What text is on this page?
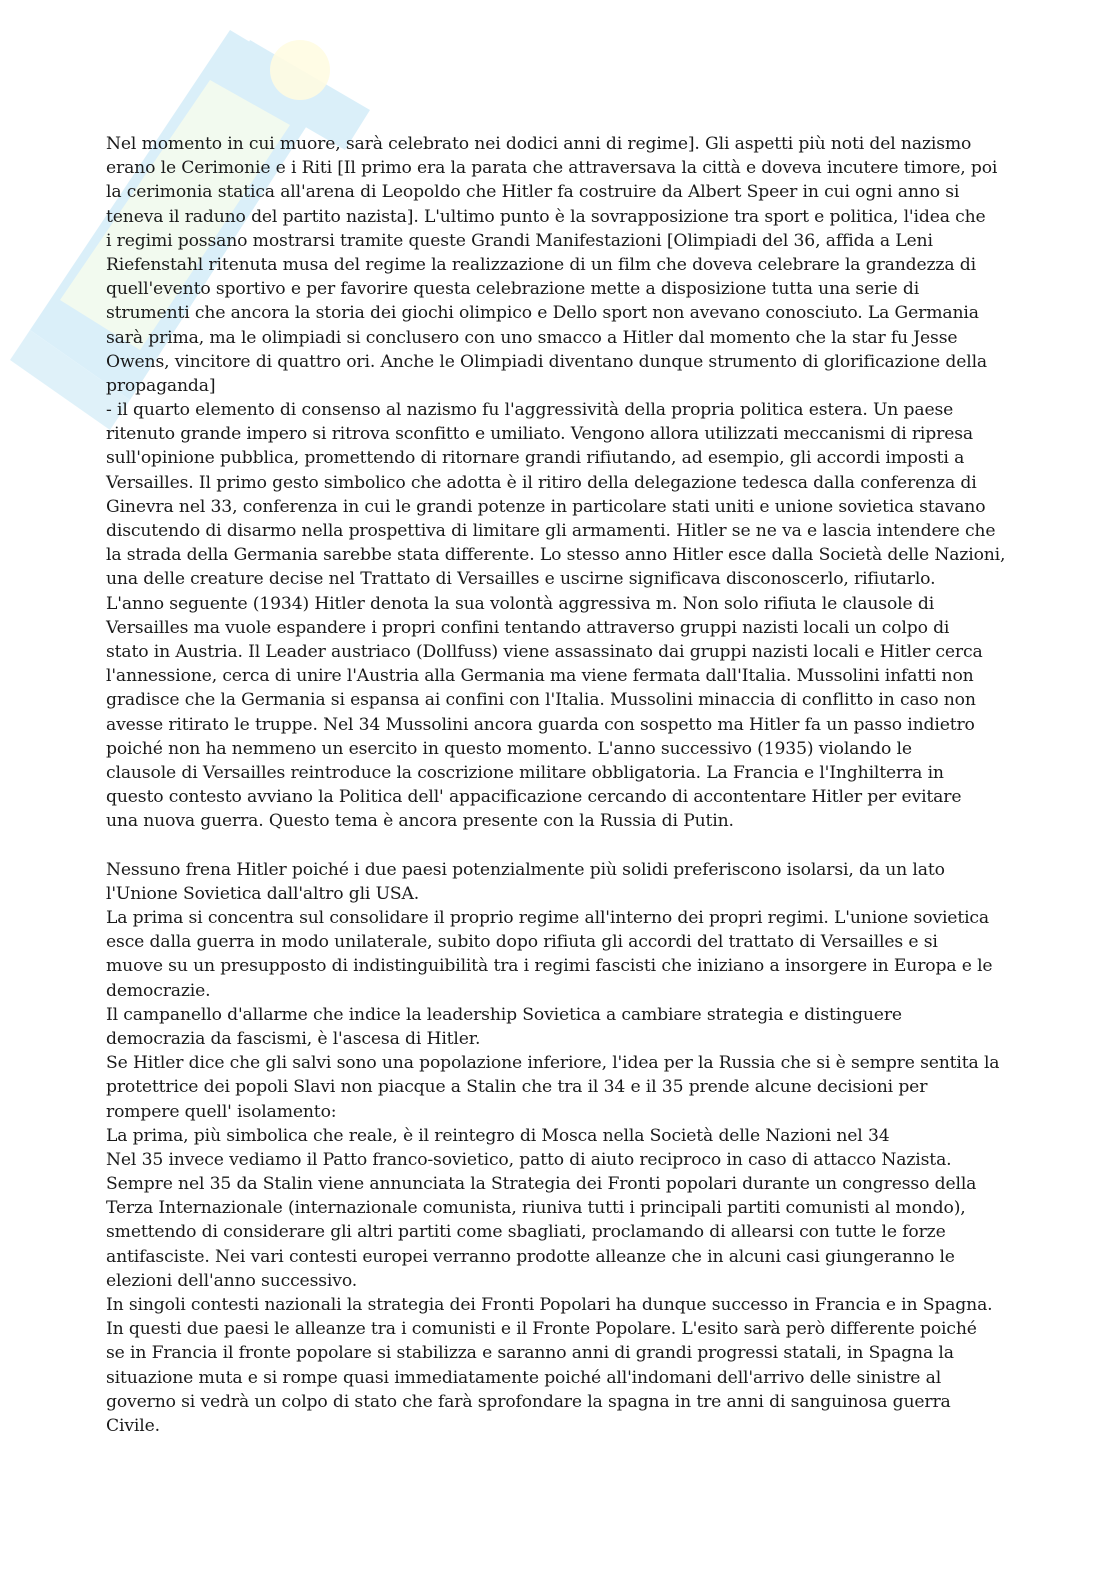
Nel momento in cui muore, sarà celebrato nei dodici anni di regime]. Gli aspetti più noti del nazismo
erano le Cerimonie e i Riti [Il primo era la parata che attraversava la città e doveva incutere timore, poi
la cerimonia statica all'arena di Leopoldo che Hitler fa costruire da Albert Speer in cui ogni anno si
teneva il raduno del partito nazista]. L'ultimo punto è la sovrapposizione tra sport e politica, l'idea che
i regimi possano mostrarsi tramite queste Grandi Manifestazioni [Olimpiadi del 36, affida a Leni
Riefenstahl ritenuta musa del regime la realizzazione di un film che doveva celebrare la grandezza di
quell'evento sportivo e per favorire questa celebrazione mette a disposizione tutta una serie di
strumenti che ancora la storia dei giochi olimpico e Dello sport non avevano conosciuto. La Germania
sarà prima, ma le olimpiadi si conclusero con uno smacco a Hitler dal momento che la star fu Jesse
Owens, vincitore di quattro ori. Anche le Olimpiadi diventano dunque strumento di glorificazione della
propaganda]
- il quarto elemento di consenso al nazismo fu l'aggressività della propria politica estera. Un paese
ritenuto grande impero si ritrova sconfitto e umiliato. Vengono allora utilizzati meccanismi di ripresa
sull'opinione pubblica, promettendo di ritornare grandi rifiutando, ad esempio, gli accordi imposti a
Versailles. Il primo gesto simbolico che adotta è il ritiro della delegazione tedesca dalla conferenza di
Ginevra nel 33, conferenza in cui le grandi potenze in particolare stati uniti e unione sovietica stavano
discutendo di disarmo nella prospettiva di limitare gli armamenti. Hitler se ne va e lascia intendere che
la strada della Germania sarebbe stata differente. Lo stesso anno Hitler esce dalla Società delle Nazioni,
una delle creature decise nel Trattato di Versailles e uscirne significava disconoscerlo, rifiutarlo.
L'anno seguente (1934) Hitler denota la sua volontà aggressiva m. Non solo rifiuta le clausole di
Versailles ma vuole espandere i propri confini tentando attraverso gruppi nazisti locali un colpo di
stato in Austria. Il Leader austriaco (Dollfuss) viene assassinato dai gruppi nazisti locali e Hitler cerca
l'annessione, cerca di unire l'Austria alla Germania ma viene fermata dall'Italia. Mussolini infatti non
gradisce che la Germania si espansa ai confini con l'Italia. Mussolini minaccia di conflitto in caso non
avesse ritirato le truppe. Nel 34 Mussolini ancora guarda con sospetto ma Hitler fa un passo indietro
poiché non ha nemmeno un esercito in questo momento. L'anno successivo (1935) violando le
clausole di Versailles reintroduce la coscrizione militare obbligatoria. La Francia e l'Inghilterra in
questo contesto avviano la Politica dell' appacificazione cercando di accontentare Hitler per evitare
una nuova guerra. Questo tema è ancora presente con la Russia di Putin.
Nessuno frena Hitler poiché i due paesi potenzialmente più solidi preferiscono isolarsi, da un lato
l'Unione Sovietica dall'altro gli USA.
La prima si concentra sul consolidare il proprio regime all'interno dei propri regimi. L'unione sovietica
esce dalla guerra in modo unilaterale, subito dopo rifiuta gli accordi del trattato di Versailles e si
muove su un presupposto di indistinguibilità tra i regimi fascisti che iniziano a insorgere in Europa e le
democrazie.
Il campanello d'allarme che indice la leadership Sovietica a cambiare strategia e distinguere
democrazia da fascismi, è l'ascesa di Hitler.
Se Hitler dice che gli salvi sono una popolazione inferiore, l'idea per la Russia che si è sempre sentita la
protettrice dei popoli Slavi non piacque a Stalin che tra il 34 e il 35 prende alcune decisioni per
rompere quell' isolamento:
La prima, più simbolica che reale, è il reintegro di Mosca nella Società delle Nazioni nel 34
Nel 35 invece vediamo il Patto franco-sovietico, patto di aiuto reciproco in caso di attacco Nazista.
Sempre nel 35 da Stalin viene annunciata la Strategia dei Fronti popolari durante un congresso della
Terza Internazionale (internazionale comunista, riuniva tutti i principali partiti comunisti al mondo),
smettendo di considerare gli altri partiti come sbagliati, proclamando di allearsi con tutte le forze
antifasciste. Nei vari contesti europei verranno prodotte alleanze che in alcuni casi giungeranno le
elezioni dell'anno successivo.
In singoli contesti nazionali la strategia dei Fronti Popolari ha dunque successo in Francia e in Spagna.
In questi due paesi le alleanze tra i comunisti e il Fronte Popolare. L'esito sarà però differente poiché
se in Francia il fronte popolare si stabilizza e saranno anni di grandi progressi statali, in Spagna la
situazione muta e si rompe quasi immediatamente poiché all'indomani dell'arrivo delle sinistre al
governo si vedrà un colpo di stato che farà sprofondare la spagna in tre anni di sanguinosa guerra
Civile.
